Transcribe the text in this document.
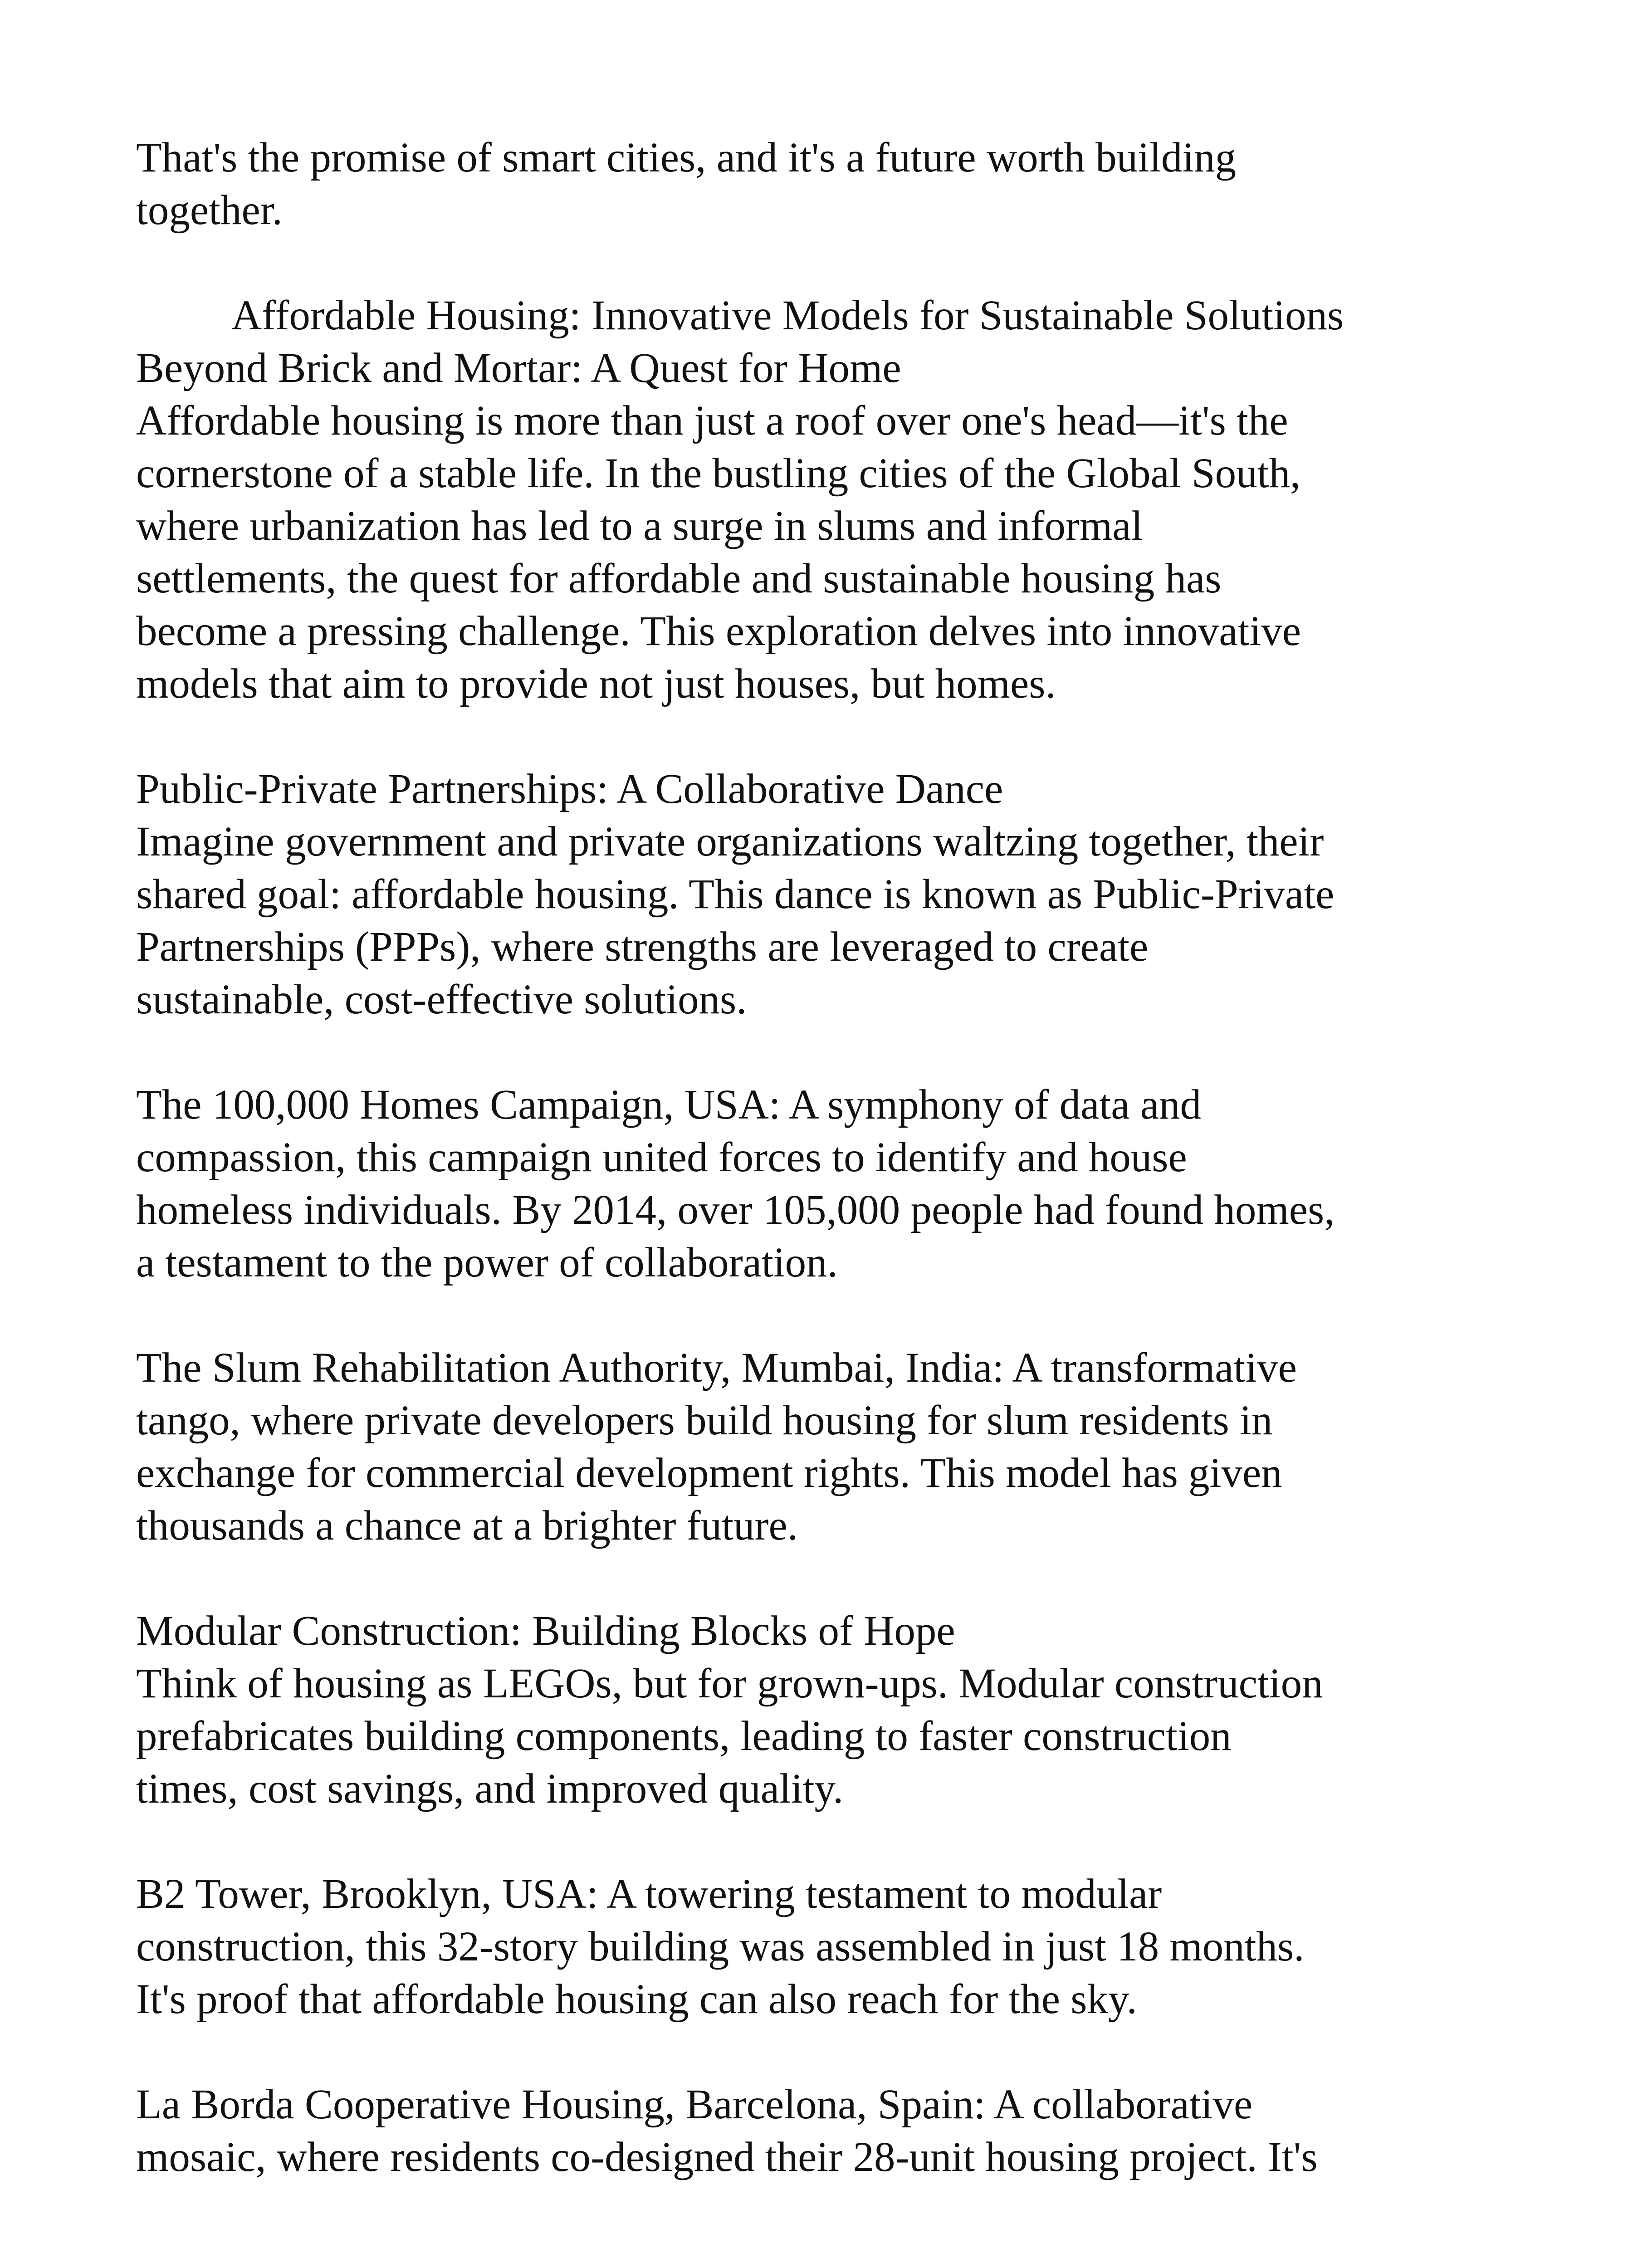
That's the promise of smart cities, and it's a future worth building
together.

Affordable Housing: Innovative Models for Sustainable Solutions

Beyond Brick and Mortar: A Quest for Home

Affordable housing is more than just a roof over one's head—it's the
cornerstone of a stable life. In the bustling cities of the Global South,
where urbanization has led to a surge in slums and informal
settlements, the quest for affordable and sustainable housing has
become a pressing challenge. This exploration delves into innovative
models that aim to provide not just houses, but homes.

Public-Private Partnerships: A Collaborative Dance

Imagine government and private organizations waltzing together, their
shared goal: affordable housing. This dance is known as Public-Private
Partnerships (PPPs), where strengths are leveraged to create
sustainable, cost-effective solutions.

The 100,000 Homes Campaign, USA: A symphony of data and
compassion, this campaign united forces to identify and house
homeless individuals. By 2014, over 105,000 people had found homes,
a testament to the power of collaboration.

The Slum Rehabilitation Authority, Mumbai, India: A transformative
tango, where private developers build housing for slum residents in
exchange for commercial development rights. This model has given
thousands a chance at a brighter future.

Modular Construction: Building Blocks of Hope

Think of housing as LEGOs, but for grown-ups. Modular construction
prefabricates building components, leading to faster construction
times, cost savings, and improved quality.

B2 Tower, Brooklyn, USA: A towering testament to modular
construction, this 32-story building was assembled in just 18 months.
It's proof that affordable housing can also reach for the sky.

La Borda Cooperative Housing, Barcelona, Spain: A collaborative
mosaic, where residents co-designed their 28-unit housing project. It's
